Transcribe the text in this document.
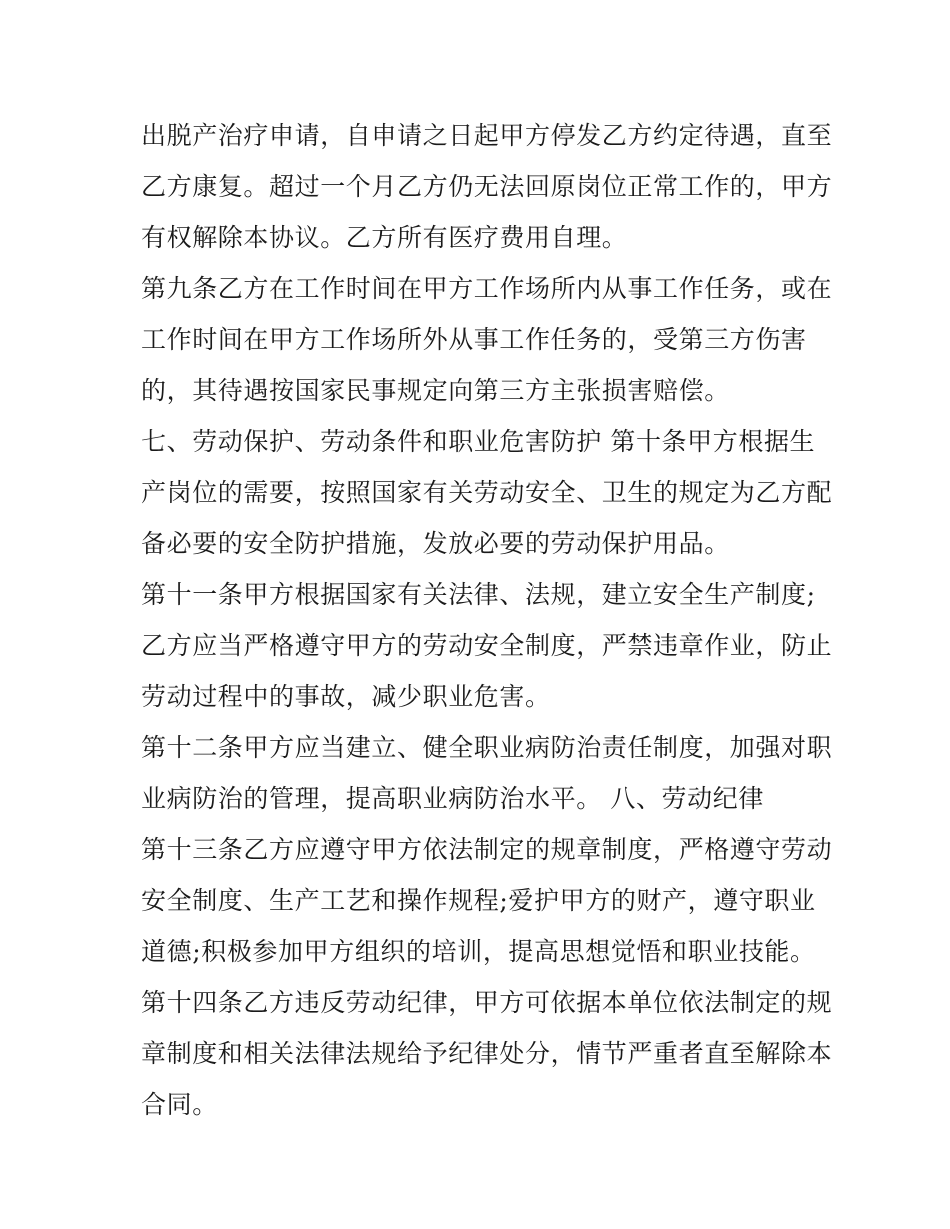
出脱产治疗申请，自申请之日起甲方停发乙方约定待遇，直至
乙方康复。超过一个月乙方仍无法回原岗位正常工作的，甲方
有权解除本协议。乙方所有医疗费用自理。
第九条乙方在工作时间在甲方工作场所内从事工作任务，或在
工作时间在甲方工作场所外从事工作任务的，受第三方伤害
的，其待遇按国家民事规定向第三方主张损害赔偿。
七、劳动保护、劳动条件和职业危害防护 第十条甲方根据生
产岗位的需要，按照国家有关劳动安全、卫生的规定为乙方配
备必要的安全防护措施，发放必要的劳动保护用品。
第十一条甲方根据国家有关法律、法规，建立安全生产制度;
乙方应当严格遵守甲方的劳动安全制度，严禁违章作业，防止
劳动过程中的事故，减少职业危害。
第十二条甲方应当建立、健全职业病防治责任制度，加强对职
业病防治的管理，提高职业病防治水平。 八、劳动纪律
第十三条乙方应遵守甲方依法制定的规章制度，严格遵守劳动
安全制度、生产工艺和操作规程;爱护甲方的财产，遵守职业
道德;积极参加甲方组织的培训，提高思想觉悟和职业技能。
第十四条乙方违反劳动纪律，甲方可依据本单位依法制定的规
章制度和相关法律法规给予纪律处分，情节严重者直至解除本
合同。
